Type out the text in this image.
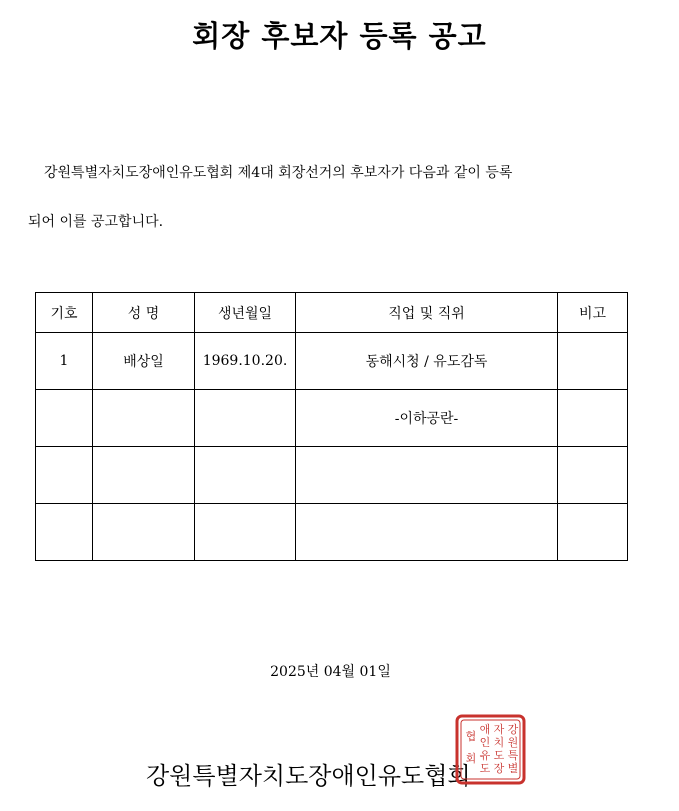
회장 후보자 등록 공고
강원특별자치도장애인유도협회 제4대 회장선거의 후보자가 다음과 같이 등록
되어 이를 공고합니다.
기호	성 명	생년월일	직업 및 직위	비고
1	배상일	1969.10.20.	동해시청 / 유도감독	
			-이하공란-	

2025년 04월 01일
강원특별자치도장애인유도협회
강
원
특
별
자
치
도
장
애
인
유
도
협
회
